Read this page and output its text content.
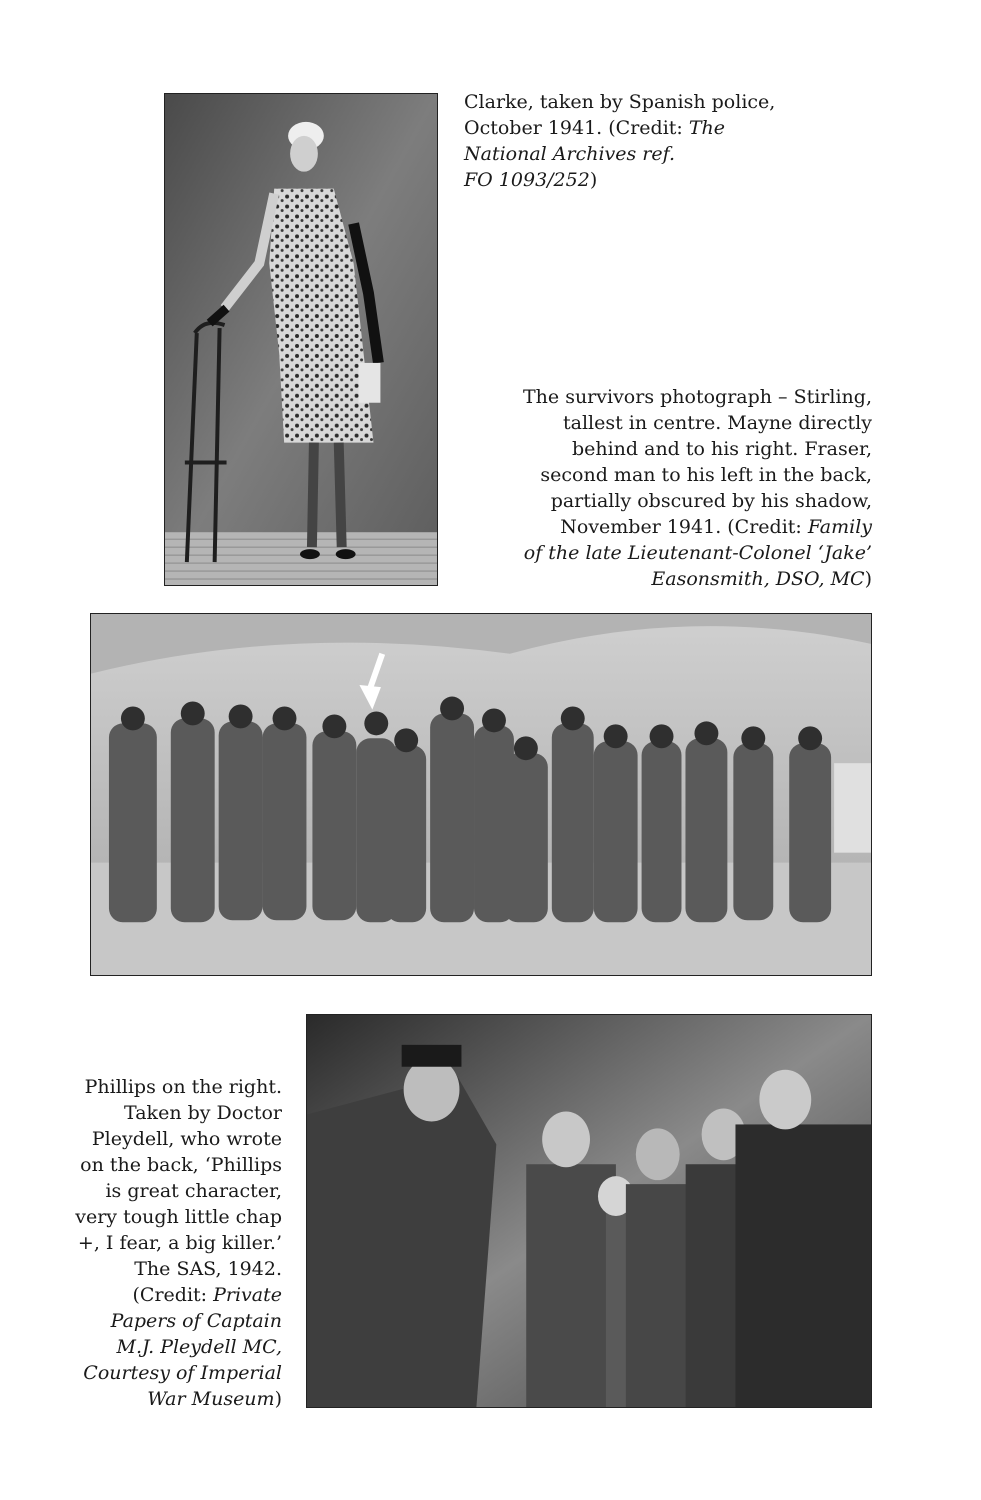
Clarke, taken by Spanish police,
October 1941. (Credit: The
National Archives ref.
FO 1093/252)
The survivors photograph – Stirling,
tallest in centre. Mayne directly
behind and to his right. Fraser,
second man to his left in the back,
partially obscured by his shadow,
November 1941. (Credit: Family
of the late Lieutenant-Colonel ‘Jake’
Easonsmith, DSO, MC)
Phillips on the right.
Taken by Doctor
Pleydell, who wrote
on the back, ‘Phillips
is great character,
very tough little chap
+, I fear, a big killer.’
The SAS, 1942.
(Credit: Private
Papers of Captain
M.J. Pleydell MC,
Courtesy of Imperial
War Museum)
